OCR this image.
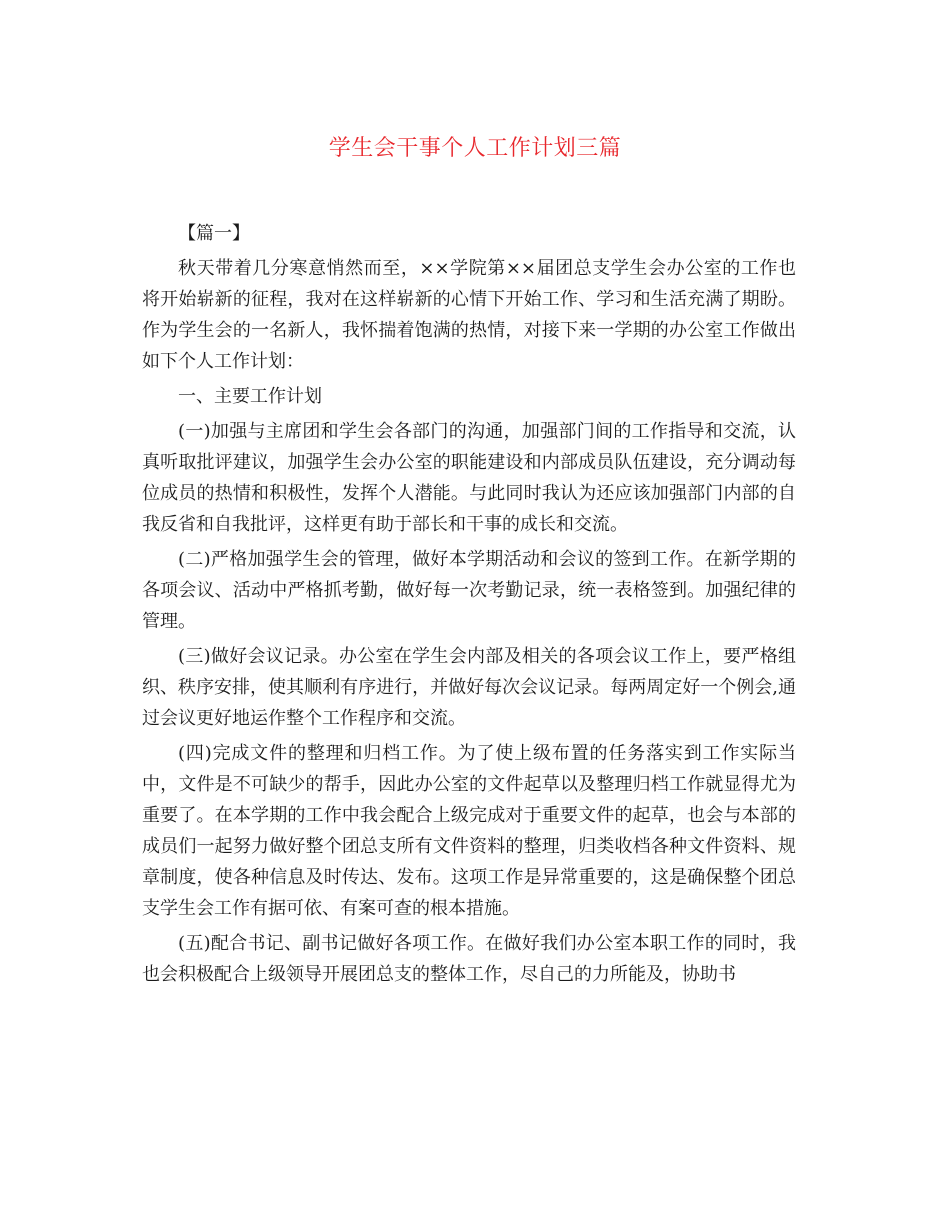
学生会干事个人工作计划三篇

【篇一】

秋天带着几分寒意悄然而至，××学院第××届团总支学生会办公室的工作也将开始崭新的征程，我对在这样崭新的心情下开始工作、学习和生活充满了期盼。作为学生会的一名新人，我怀揣着饱满的热情，对接下来一学期的办公室工作做出如下个人工作计划：

一、主要工作计划

(一)加强与主席团和学生会各部门的沟通，加强部门间的工作指导和交流，认真听取批评建议，加强学生会办公室的职能建设和内部成员队伍建设，充分调动每位成员的热情和积极性，发挥个人潜能。与此同时我认为还应该加强部门内部的自我反省和自我批评，这样更有助于部长和干事的成长和交流。

(二)严格加强学生会的管理，做好本学期活动和会议的签到工作。在新学期的各项会议、活动中严格抓考勤，做好每一次考勤记录，统一表格签到。加强纪律的管理。

(三)做好会议记录。办公室在学生会内部及相关的各项会议工作上，要严格组织、秩序安排，使其顺利有序进行，并做好每次会议记录。每两周定好一个例会,通过会议更好地运作整个工作程序和交流。

(四)完成文件的整理和归档工作。为了使上级布置的任务落实到工作实际当中，文件是不可缺少的帮手，因此办公室的文件起草以及整理归档工作就显得尤为重要了。在本学期的工作中我会配合上级完成对于重要文件的起草，也会与本部的成员们一起努力做好整个团总支所有文件资料的整理，归类收档各种文件资料、规章制度，使各种信息及时传达、发布。这项工作是异常重要的，这是确保整个团总支学生会工作有据可依、有案可查的根本措施。

(五)配合书记、副书记做好各项工作。在做好我们办公室本职工作的同时，我也会积极配合上级领导开展团总支的整体工作，尽自己的力所能及，协助书
